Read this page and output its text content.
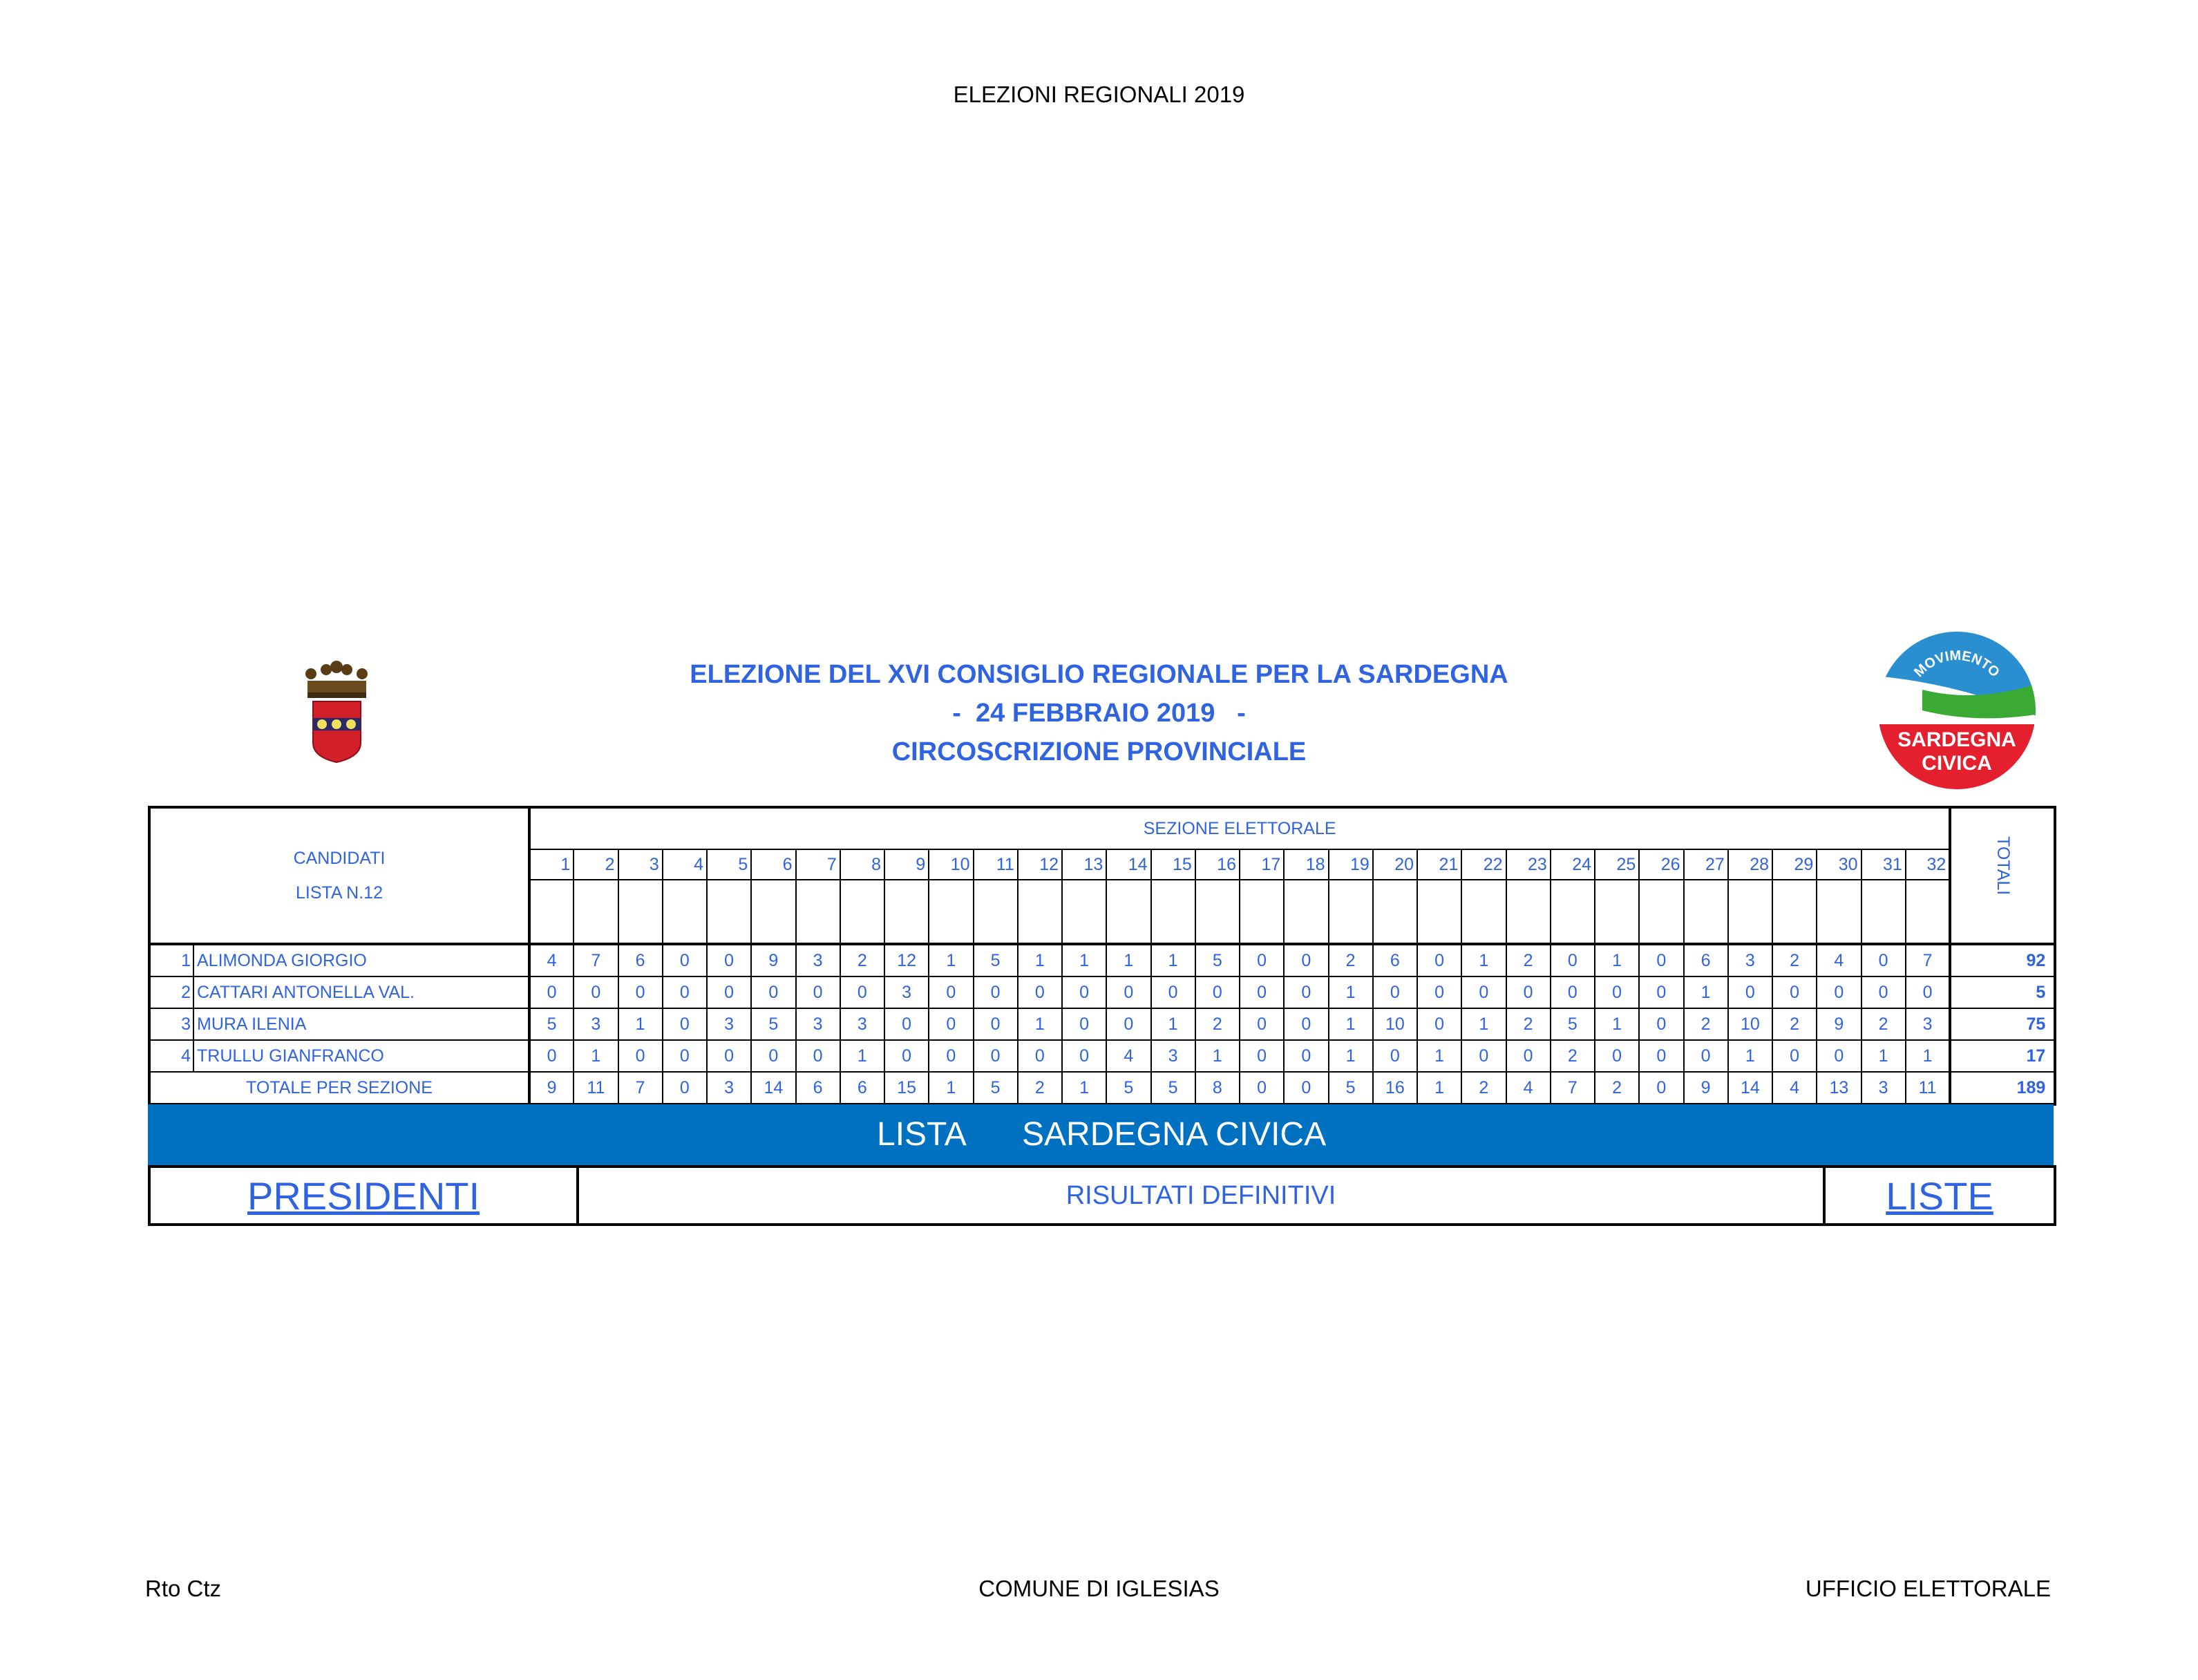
ELEZIONI REGIONALI 2019
ELEZIONE DEL XVI CONSIGLIO REGIONALE PER LA SARDEGNA
-  24 FEBBRAIO 2019   -
CIRCOSCRIZIONE PROVINCIALE
MOVIMENTO
SARDEGNA
CIVICA
CANDIDATI
LISTA N.12		SEZIONE ELETTORALE																																TOTALI
		1	2	3	4	5	6	7	8	9	10	11	12	13	14	15	16	17	18	19	20	21	22	23	24	25	26	27	28	29	30	31	32	

1	ALIMONDA GIORGIO	4	7	6	0	0	9	3	2	12	1	5	1	1	1	1	5	0	0	2	6	0	1	2	0	1	0	6	3	2	4	0	7	92
2	CATTARI ANTONELLA VAL.	0	0	0	0	0	0	0	0	3	0	0	0	0	0	0	0	0	0	1	0	0	0	0	0	0	0	1	0	0	0	0	0	5
3	MURA ILENIA	5	3	1	0	3	5	3	3	0	0	0	1	0	0	1	2	0	0	1	10	0	1	2	5	1	0	2	10	2	9	2	3	75
4	TRULLU GIANFRANCO	0	1	0	0	0	0	0	1	0	0	0	0	0	4	3	1	0	0	1	0	1	0	0	2	0	0	0	1	0	0	1	1	17
TOTALE PER SEZIONE		9	11	7	0	3	14	6	6	15	1	5	2	1	5	5	8	0	0	5	16	1	2	4	7	2	0	9	14	4	13	3	11	189
LISTA SARDEGNA CIVICA
PRESIDENTI	RISULTATI DEFINITIVI	LISTE
Rto Ctz	COMUNE DI IGLESIAS	UFFICIO ELETTORALE
